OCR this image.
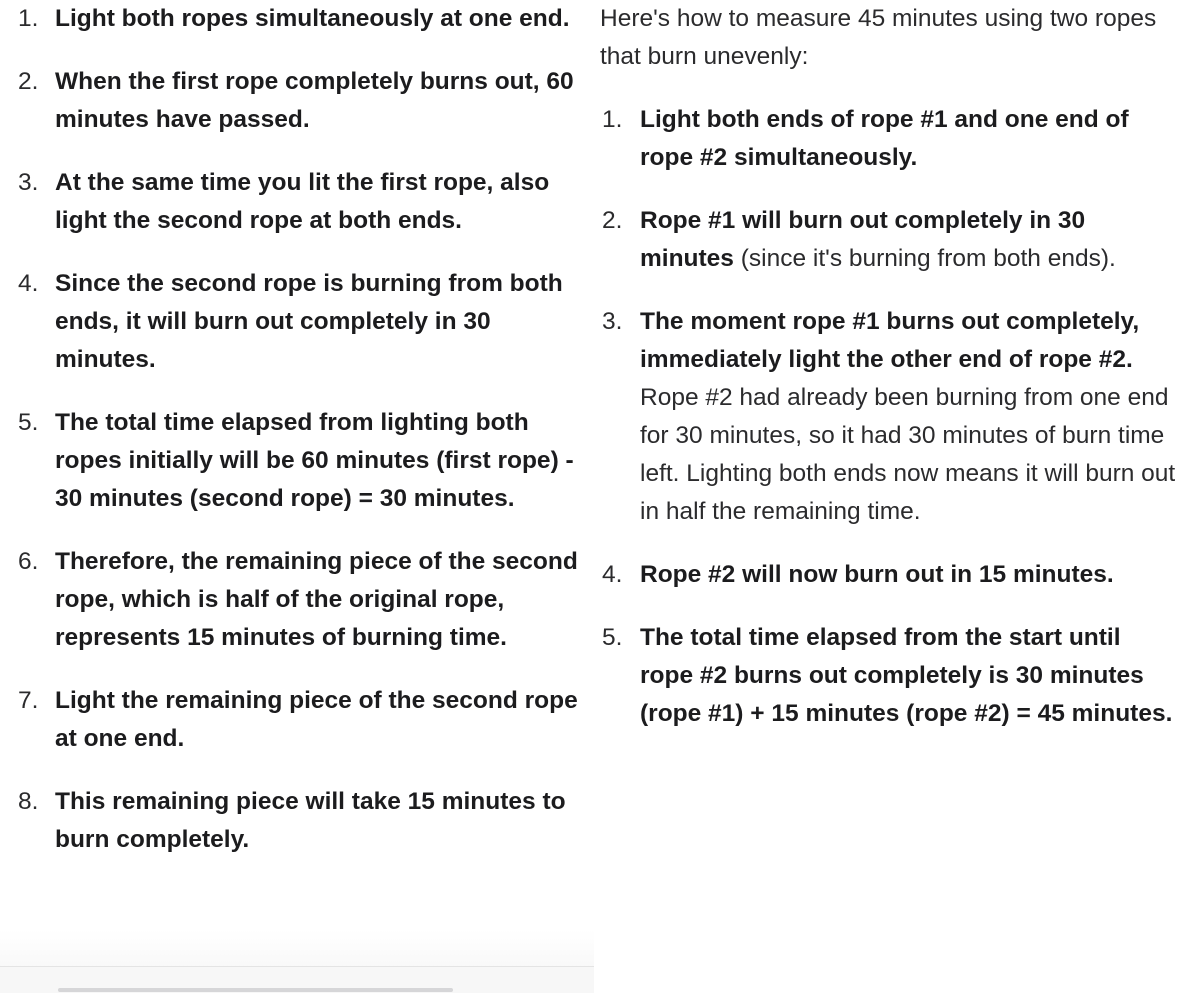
1. Light both ropes simultaneously at one end.
2. When the first rope completely burns out, 60 minutes have passed.
3. At the same time you lit the first rope, also light the second rope at both ends.
4. Since the second rope is burning from both ends, it will burn out completely in 30 minutes.
5. The total time elapsed from lighting both ropes initially will be 60 minutes (first rope) - 30 minutes (second rope) = 30 minutes.
6. Therefore, the remaining piece of the second rope, which is half of the original rope, represents 15 minutes of burning time.
7. Light the remaining piece of the second rope at one end.
8. This remaining piece will take 15 minutes to burn completely.

Here's how to measure 45 minutes using two ropes that burn unevenly:

1. Light both ends of rope #1 and one end of rope #2 simultaneously.
2. Rope #1 will burn out completely in 30 minutes (since it's burning from both ends).
3. The moment rope #1 burns out completely, immediately light the other end of rope #2. Rope #2 had already been burning from one end for 30 minutes, so it had 30 minutes of burn time left. Lighting both ends now means it will burn out in half the remaining time.
4. Rope #2 will now burn out in 15 minutes.
5. The total time elapsed from the start until rope #2 burns out completely is 30 minutes (rope #1) + 15 minutes (rope #2) = 45 minutes.
